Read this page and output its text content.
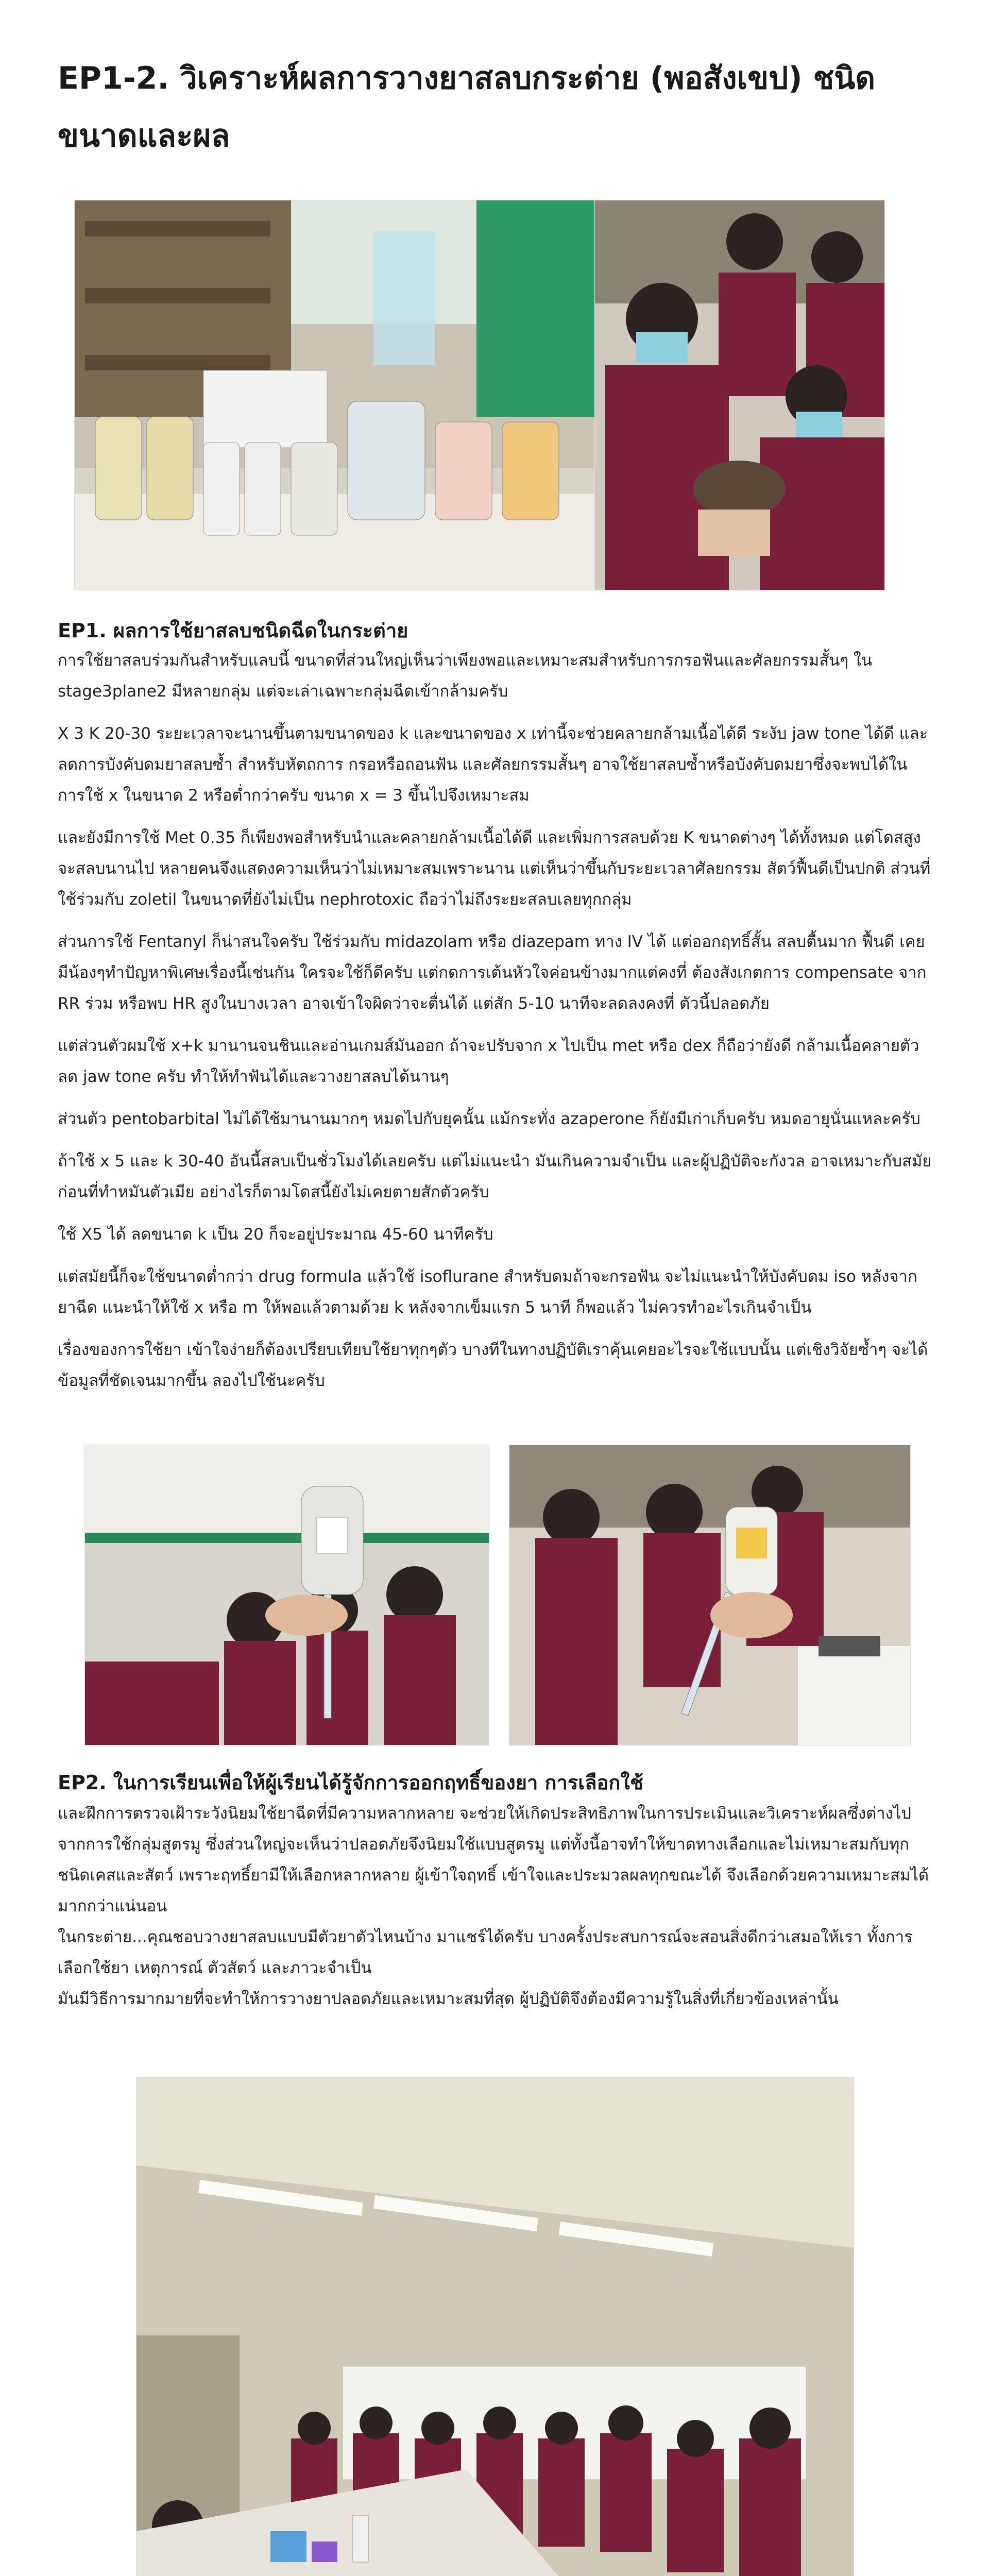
EP1-2. วิเคราะห์ผลการวางยาสลบกระต่าย (พอสังเขป) ชนิดขนาดและผล
EP1. ผลการใช้ยาสลบชนิดฉีดในกระต่าย

การใช้ยาสลบร่วมกันสำหรับแลบนี้ ขนาดที่ส่วนใหญ่เห็นว่าเพียงพอและเหมาะสมสำหรับการกรอฟันและศัลยกรรมสั้นๆ ใน stage3plane2 มีหลายกลุ่ม แต่จะเล่าเฉพาะกลุ่มฉีดเข้ากล้ามครับ

X 3 K 20-30 ระยะเวลาจะนานขึ้นตามขนาดของ k และขนาดของ x เท่านี้จะช่วยคลายกล้ามเนื้อได้ดี ระงับ jaw tone ได้ดี และลดการบังคับดมยาสลบซ้ำ สำหรับหัตถการ กรอหรือถอนฟัน และศัลยกรรมสั้นๆ อาจใช้ยาสลบซ้ำหรือบังคับดมยาซึ่งจะพบได้ในการใช้ x ในขนาด 2 หรือต่ำกว่าครับ ขนาด x = 3 ขึ้นไปจึงเหมาะสม

และยังมีการใช้ Met 0.35 ก็เพียงพอสำหรับนำและคลายกล้ามเนื้อได้ดี และเพิ่มการสลบด้วย K ขนาดต่างๆ ได้ทั้งหมด แต่โดสสูงจะสลบนานไป หลายคนจึงแสดงความเห็นว่าไม่เหมาะสมเพราะนาน แต่เห็นว่าขึ้นกับระยะเวลาศัลยกรรม สัตว์ฟื้นดีเป็นปกติ ส่วนที่ใช้ร่วมกับ zoletil ในขนาดที่ยังไม่เป็น nephrotoxic ถือว่าไม่ถึงระยะสลบเลยทุกกลุ่ม

ส่วนการใช้ Fentanyl ก็น่าสนใจครับ ใช้ร่วมกับ midazolam หรือ diazepam ทาง IV ได้ แต่ออกฤทธิ์สั้น สลบตื้นมาก ฟื้นดี เคยมีน้องๆทำปัญหาพิเศษเรื่องนี้เช่นกัน ใครจะใช้ก็ดีครับ แต่กดการเต้นหัวใจค่อนข้างมากแต่คงที่ ต้องสังเกตการ compensate จาก RR ร่วม หรือพบ HR สูงในบางเวลา อาจเข้าใจผิดว่าจะตื่นได้ แต่สัก 5-10 นาทีจะลดลงคงที่ ตัวนี้ปลอดภัย

แต่ส่วนตัวผมใช้ x+k มานานจนชินและอ่านเกมส์มันออก ถ้าจะปรับจาก x ไปเป็น met หรือ dex ก็ถือว่ายังดี กล้ามเนื้อคลายตัว ลด jaw tone ครับ ทำให้ทำฟันได้และวางยาสลบได้นานๆ

ส่วนตัว pentobarbital ไม่ได้ใช้มานานมากๆ หมดไปกับยุคนั้น แม้กระทั่ง azaperone ก็ยังมีเก่าเก็บครับ หมดอายุนั่นแหละครับ

ถ้าใช้ x 5 และ k 30-40 อันนี้สลบเป็นชั่วโมงได้เลยครับ แต่ไม่แนะนำ มันเกินความจำเป็น และผู้ปฏิบัติจะกังวล อาจเหมาะกับสมัยก่อนที่ทำหมันตัวเมีย อย่างไรก็ตามโดสนี้ยังไม่เคยตายสักตัวครับ

ใช้ X5 ได้ ลดขนาด k เป็น 20 ก็จะอยู่ประมาณ 45-60 นาทีครับ

แต่สมัยนี้ก็จะใช้ขนาดต่ำกว่า drug formula แล้วใช้ isoflurane สำหรับดมถ้าจะกรอฟัน จะไม่แนะนำให้บังคับดม iso หลังจากยาฉีด แนะนำให้ใช้ x หรือ m ให้พอแล้วตามด้วย k หลังจากเข็มแรก 5 นาที ก็พอแล้ว ไม่ควรทำอะไรเกินจำเป็น

เรื่องของการใช้ยา เข้าใจง่ายก็ต้องเปรียบเทียบใช้ยาทุกๆตัว บางทีในทางปฏิบัติเราคุ้นเคยอะไรจะใช้แบบนั้น แต่เชิงวิจัยซ้ำๆ จะได้ข้อมูลที่ชัดเจนมากขึ้น ลองไปใช้นะครับ

EP2. ในการเรียนเพื่อให้ผู้เรียนได้รู้จักการออกฤทธิ์ของยา การเลือกใช้

และฝึกการตรวจเฝ้าระวังนิยมใช้ยาฉีดที่มีความหลากหลาย จะช่วยให้เกิดประสิทธิภาพในการประเมินและวิเคราะห์ผลซึ่งต่างไปจากการใช้กลุ่มสูตรมู ซึ่งส่วนใหญ่จะเห็นว่าปลอดภัยจึงนิยมใช้แบบสูตรมู แต่ทั้งนี้อาจทำให้ขาดทางเลือกและไม่เหมาะสมกับทุกชนิดเคสและสัตว์ เพราะฤทธิ์ยามีให้เลือกหลากหลาย ผู้เข้าใจฤทธิ์ เข้าใจและประมวลผลทุกขณะได้ จึงเลือกด้วยความเหมาะสมได้มากกว่าแน่นอน

ในกระต่าย...คุณชอบวางยาสลบแบบมีตัวยาตัวไหนบ้าง มาแชร์ได้ครับ บางครั้งประสบการณ์จะสอนสิ่งดีกว่าเสมอให้เรา ทั้งการเลือกใช้ยา เหตุการณ์ ตัวสัตว์ และภาวะจำเป็น

มันมีวิธีการมากมายที่จะทำให้การวางยาปลอดภัยและเหมาะสมที่สุด ผู้ปฏิบัติจึงต้องมีความรู้ในสิ่งที่เกี่ยวข้องเหล่านั้น
